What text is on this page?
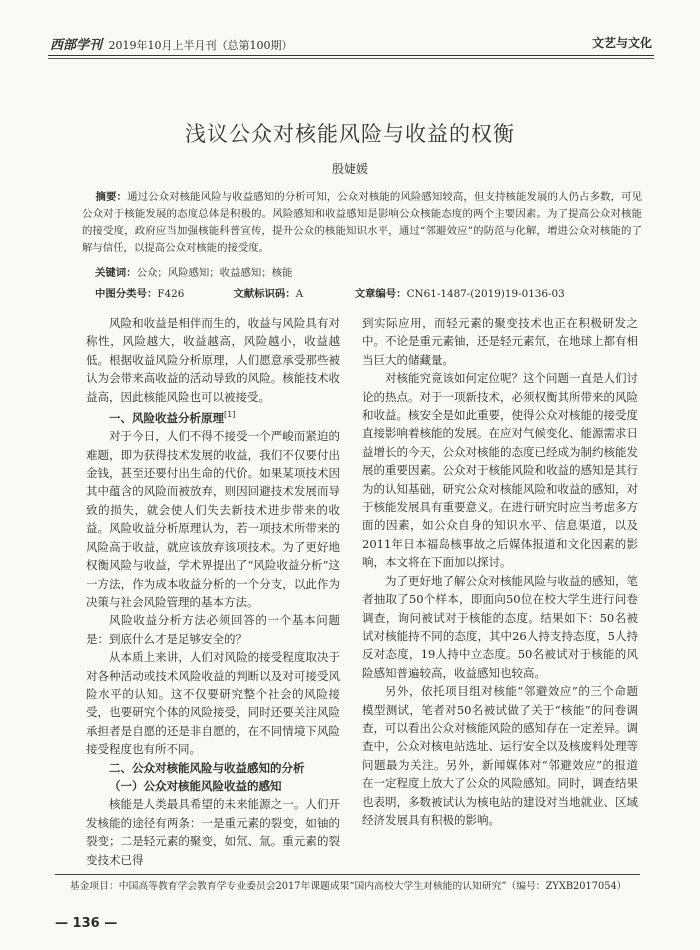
西部学刊 2019年10月上半月刊（总第100期）	文艺与文化
浅议公众对核能风险与收益的权衡
殷婕媛
摘要：通过公众对核能风险与收益感知的分析可知，公众对核能的风险感知较高，但支持核能发展的人仍占多数，可见公众对于核能发展的态度总体是积极的。风险感知和收益感知是影响公众核能态度的两个主要因素。为了提高公众对核能的接受度，政府应当加强核能科普宣传，提升公众的核能知识水平，通过“邻避效应”的防范与化解，增进公众对核能的了解与信任，以提高公众对核能的接受度。
关键词：公众；风险感知；收益感知；核能
中图分类号：F426	文献标识码：A	文章编号：CN61-1487-(2019)19-0136-03

风险和收益是相伴而生的，收益与风险具有对称性，风险越大，收益越高，风险越小，收益越低。根据收益风险分析原理，人们愿意承受那些被认为会带来高收益的活动导致的风险。核能技术收益高，因此核能风险也可以被接受。

一、风险收益分析原理[1]

对于今日，人们不得不接受一个严峻而紧迫的难题，即为获得技术发展的收益，我们不仅要付出金钱，甚至还要付出生命的代价。如果某项技术因其中蕴含的风险而被放弃，则因回避技术发展而导致的损失，就会使人们失去新技术进步带来的收益。风险收益分析原理认为，若一项技术所带来的风险高于收益，就应该放弃该项技术。为了更好地权衡风险与收益，学术界提出了“风险收益分析”这一方法，作为成本收益分析的一个分支，以此作为决策与社会风险管理的基本方法。

风险收益分析方法必须回答的一个基本问题是：到底什么才是足够安全的？

从本质上来讲，人们对风险的接受程度取决于对各种活动或技术风险收益的判断以及对可接受风险水平的认知。这不仅要研究整个社会的风险接受，也要研究个体的风险接受，同时还要关注风险承担者是自愿的还是非自愿的，在不同情境下风险接受程度也有所不同。

二、公众对核能风险与收益感知的分析
（一）公众对核能风险收益的感知

核能是人类最具希望的未来能源之一。人们开发核能的途径有两条：一是重元素的裂变，如铀的裂变；二是轻元素的聚变，如氘、氚。重元素的裂变技术已得

到实际应用，而轻元素的聚变技术也正在积极研发之中。不论是重元素铀，还是轻元素氘，在地球上都有相当巨大的储藏量。

对核能究竟该如何定位呢？这个问题一直是人们讨论的热点。对于一项新技术，必须权衡其所带来的风险和收益。核安全是如此重要，使得公众对核能的接受度直接影响着核能的发展。在应对气候变化、能源需求日益增长的今天，公众对核能的态度已经成为制约核能发展的重要因素。公众对于核能风险和收益的感知是其行为的认知基础，研究公众对核能风险和收益的感知，对于核能发展具有重要意义。在进行研究时应当考虑多方面的因素，如公众自身的知识水平、信息渠道，以及2011年日本福岛核事故之后媒体报道和文化因素的影响，本文将在下面加以探讨。

为了更好地了解公众对核能风险与收益的感知，笔者抽取了50个样本，即面向50位在校大学生进行问卷调查，询问被试对于核能的态度。结果如下：50名被试对核能持不同的态度，其中26人持支持态度，5人持反对态度，19人持中立态度。50名被试对于核能的风险感知普遍较高，收益感知也较高。

另外，依托项目组对核能“邻避效应”的三个命题模型测试，笔者对50名被试做了关于“核能”的问卷调查，可以看出公众对核能风险的感知存在一定差异。调查中，公众对核电站选址、运行安全以及核废料处理等问题最为关注。另外，新闻媒体对“邻避效应”的报道在一定程度上放大了公众的风险感知。同时，调查结果也表明，多数被试认为核电站的建设对当地就业、区域经济发展具有积极的影响。

基金项目：中国高等教育学会教育学专业委员会2017年课题成果“国内高校大学生对核能的认知研究”（编号：ZYXB2017054）
— 136 —
